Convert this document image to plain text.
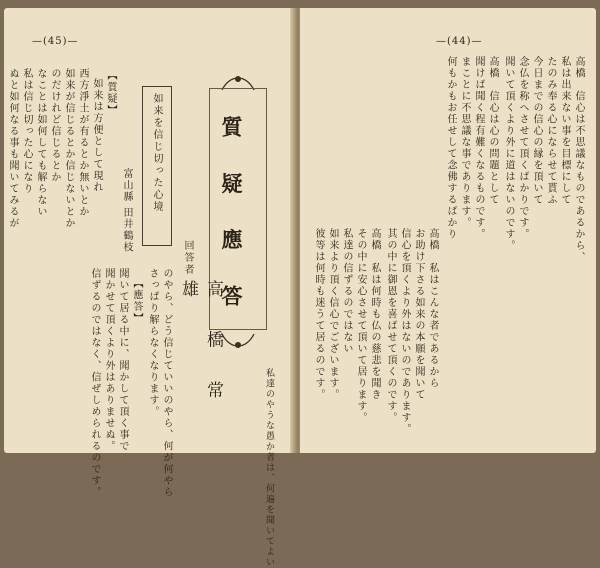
—(45)—
質 疑 應 答
回答者
高 橋 常 雄
如来を信じ切った心境
富山縣 田井鶴枝
【質疑】
如来は方便として現れ
西方淨土が有るとか無いとか
如来が信じるとか信じないとか
のだけれど信じるとか
なことは如何しても解らない
私は信じ切った心になり
ぬと如何なる事も聞いてみるが
のやら、どう信じていいのやら、何が何やら
さっぱり解らなくなります。
【應答】
聞いて居る中に、聞かして頂く事で
聞かせて頂くより外はありませぬ。
信ずるのではなく、信ぜしめられるのです。	私達のやうな愚か者は、何遍を聞いてよい
—(44)—
高橋　信心は不思議なものであるから、
私は出来ない事を目標にして
たのみ奉る心にならせて貰ふ
今日までの信心の縁を頂いて
念仏を称へさせて頂くばかりです。
聞いて頂くより外に道はないのです。
高橋　信心は心の問題として
聞けば聞く程有難くなるものです。
まことに不思議な事であります。
何もかもお任せして念佛するばかり
高橋　私はこんな者であるから
お助け下さる如来の本願を聞いて
信心を頂くより外はないのであります。
其の中に御恩を喜ばせて頂くのです。
高橋　私は何時も仏の慈悲を聞き
その中に安心させて頂いて居ります。
私達の信ずるのではない
如来より頂く信心でございます。
彼等は何時も迷うて居るのです。
